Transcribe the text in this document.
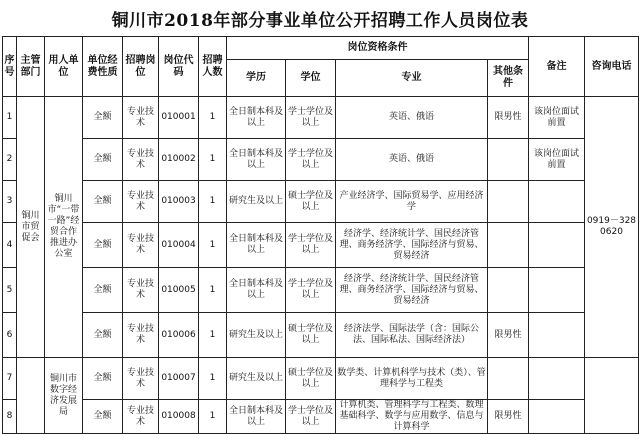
铜川市2018年部分事业单位公开招聘工作人员岗位表
序号	主管部门	用人单位	单位经费性质	招聘岗位	岗位代码	招聘人数	岗位资格条件				备注	咨询电话
							学历	学位	专业	其他条件		
1	铜川市贸促会	铜川市“一带一路”经贸合作推进办公室	全额	专业技术	010001	1	全日制本科及以上	学士学位及以上	英语、俄语	限男性	该岗位面试前置	0919－3280620
2			全额	专业技术	010002	1	全日制本科及以上	学士学位及以上	英语、俄语		该岗位面试前置	
3			全额	专业技术	010003	1	研究生及以上	硕士学位及以上	产业经济学、国际贸易学、应用经济学			
4			全额	专业技术	010004	1	全日制本科及以上	学士学位及以上	经济学、经济统计学、国民经济管理、商务经济学、国际经济与贸易、贸易经济			
5			全额	专业技术	010005	1	全日制本科及以上	学士学位及以上	经济学、经济统计学、国民经济管理、商务经济学、国际经济与贸易、贸易经济			
6			全额	专业技术	010006	1	研究生及以上	硕士学位及以上	经济法学、国际法学（含：国际公法、国际私法、国际经济法）	限男性		
7		铜川市数字经济发展局	全额	专业技术	010007	1	研究生及以上	硕士学位及以上	数学类、计算机科学与技术（类）、管理科学与工程类			
8			全额	专业技术	010008	1	全日制本科及以上	学士学位及以上	计算机类、管理科学与工程类、数理基础科学、数学与应用数学、信息与计算科学	限男性		
